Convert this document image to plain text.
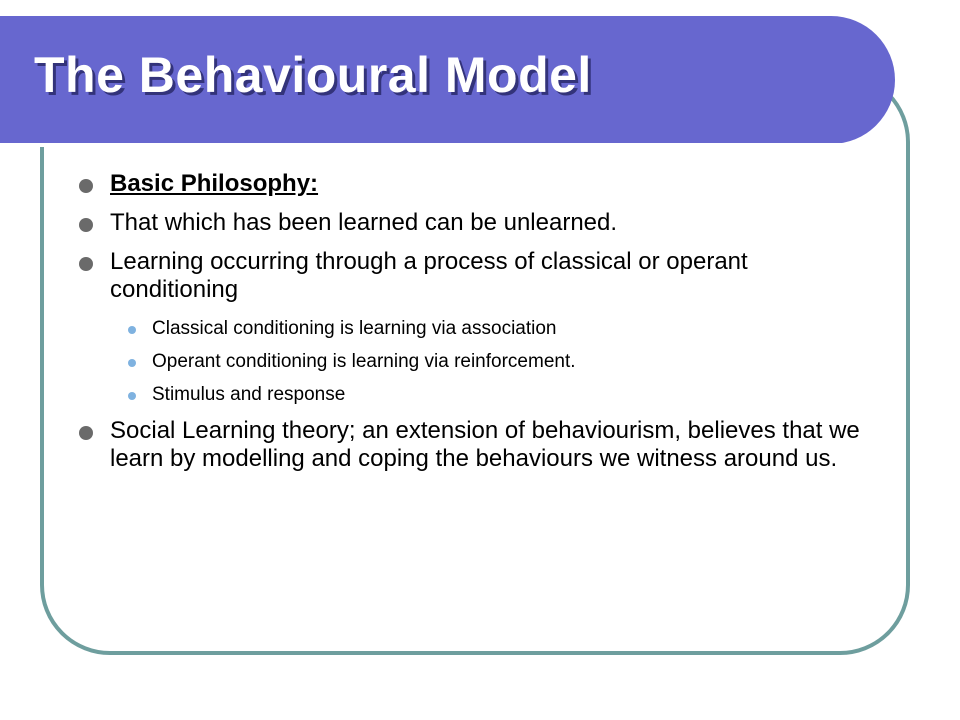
The Behavioural Model
Basic Philosophy:
That which has been learned can be unlearned.
Learning occurring through a process of classical or operant conditioning
Classical conditioning is learning via association
Operant conditioning is learning via reinforcement.
Stimulus and response
Social Learning theory; an extension of behaviourism, believes that we learn by modelling and coping the behaviours we witness around us.
